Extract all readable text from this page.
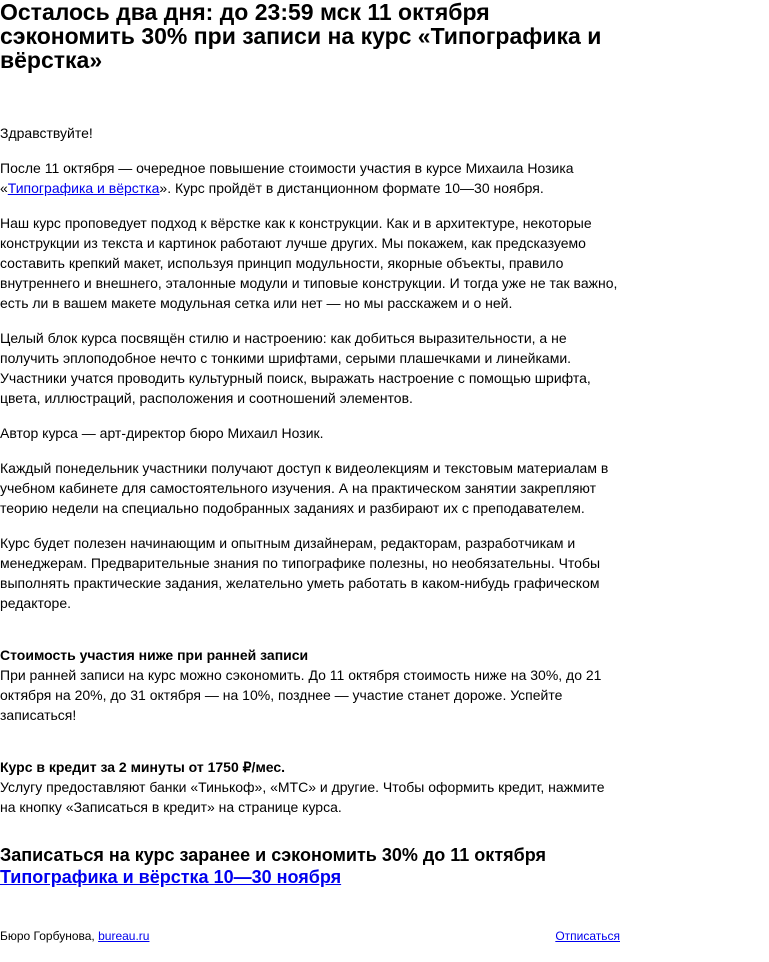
Осталось два дня: до 23:59 мск 11 октября сэкономить 30% при записи на курс «Типографика и вёрстка»

Здравствуйте!

После 11 октября — очередное повышение стоимости участия в курсе Михаила Нозика «Типографика и вёрстка». Курс пройдёт в дистанционном формате 10—30 ноября.

Наш курс проповедует подход к вёрстке как к конструкции. Как и в архитектуре, некоторые конструкции из текста и картинок работают лучше других. Мы покажем, как предсказуемо составить крепкий макет, используя принцип модульности, якорные объекты, правило внутреннего и внешнего, эталонные модули и типовые конструкции. И тогда уже не так важно, есть ли в вашем макете модульная сетка или нет — но мы расскажем и о ней.

Целый блок курса посвящён стилю и настроению: как добиться выразительности, а не получить эплоподобное нечто с тонкими шрифтами, серыми плашечками и линейками. Участники учатся проводить культурный поиск, выражать настроение с помощью шрифта, цвета, иллюстраций, расположения и соотношений элементов.

Автор курса — арт-директор бюро Михаил Нозик.

Каждый понедельник участники получают доступ к видеолекциям и текстовым материалам в учебном кабинете для самостоятельного изучения. А на практическом занятии закрепляют теорию недели на специально подобранных заданиях и разбирают их с преподавателем.

Курс будет полезен начинающим и опытным дизайнерам, редакторам, разработчикам и менеджерам. Предварительные знания по типографике полезны, но необязательны. Чтобы выполнять практические задания, желательно уметь работать в каком-нибудь графическом редакторе.

Стоимость участия ниже при ранней записи

При ранней записи на курс можно сэкономить. До 11 октября стоимость ниже на 30%, до 21 октября на 20%, до 31 октября — на 10%, позднее — участие станет дороже. Успейте записаться!

Курс в кредит за 2 минуты от 1750 ₽/мес.

Услугу предоставляют банки «Тинькоф», «МТС» и другие. Чтобы оформить кредит, нажмите на кнопку «Записаться в кредит» на странице курса.

Записаться на курс заранее и сэкономить 30% до 11 октября
Типографика и вёрстка 10—30 ноября
Бюро Горбунова, bureau.ru	Отписаться
